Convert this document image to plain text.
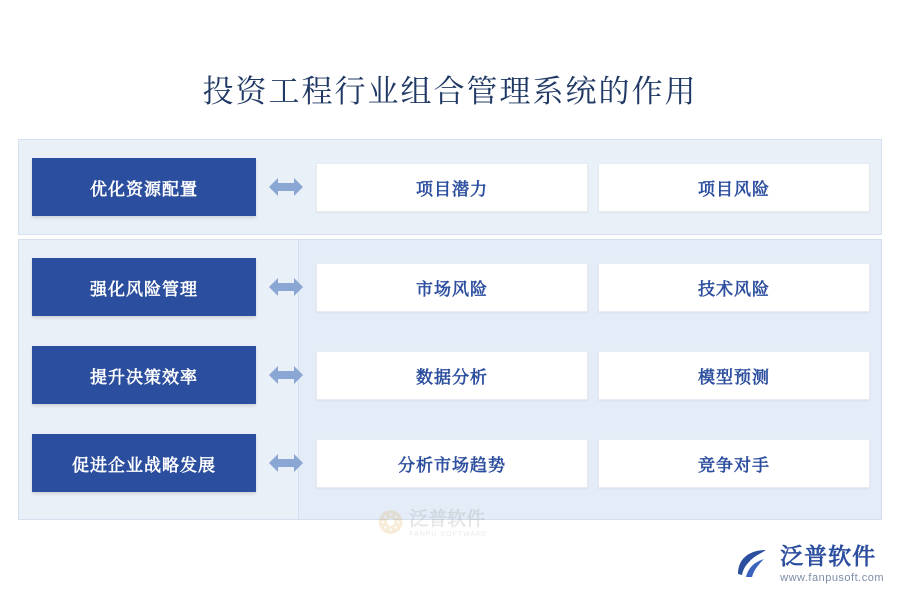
投资工程行业组合管理系统的作用
优化资源配置	项目潜力	项目风险
强化风险管理	市场风险	技术风险
提升决策效率	数据分析	模型预测
促进企业战略发展	分析市场趋势	竞争对手
❂ 泛普软件
FANPU SOFTWARE
泛普软件
www.fanpusoft.com
